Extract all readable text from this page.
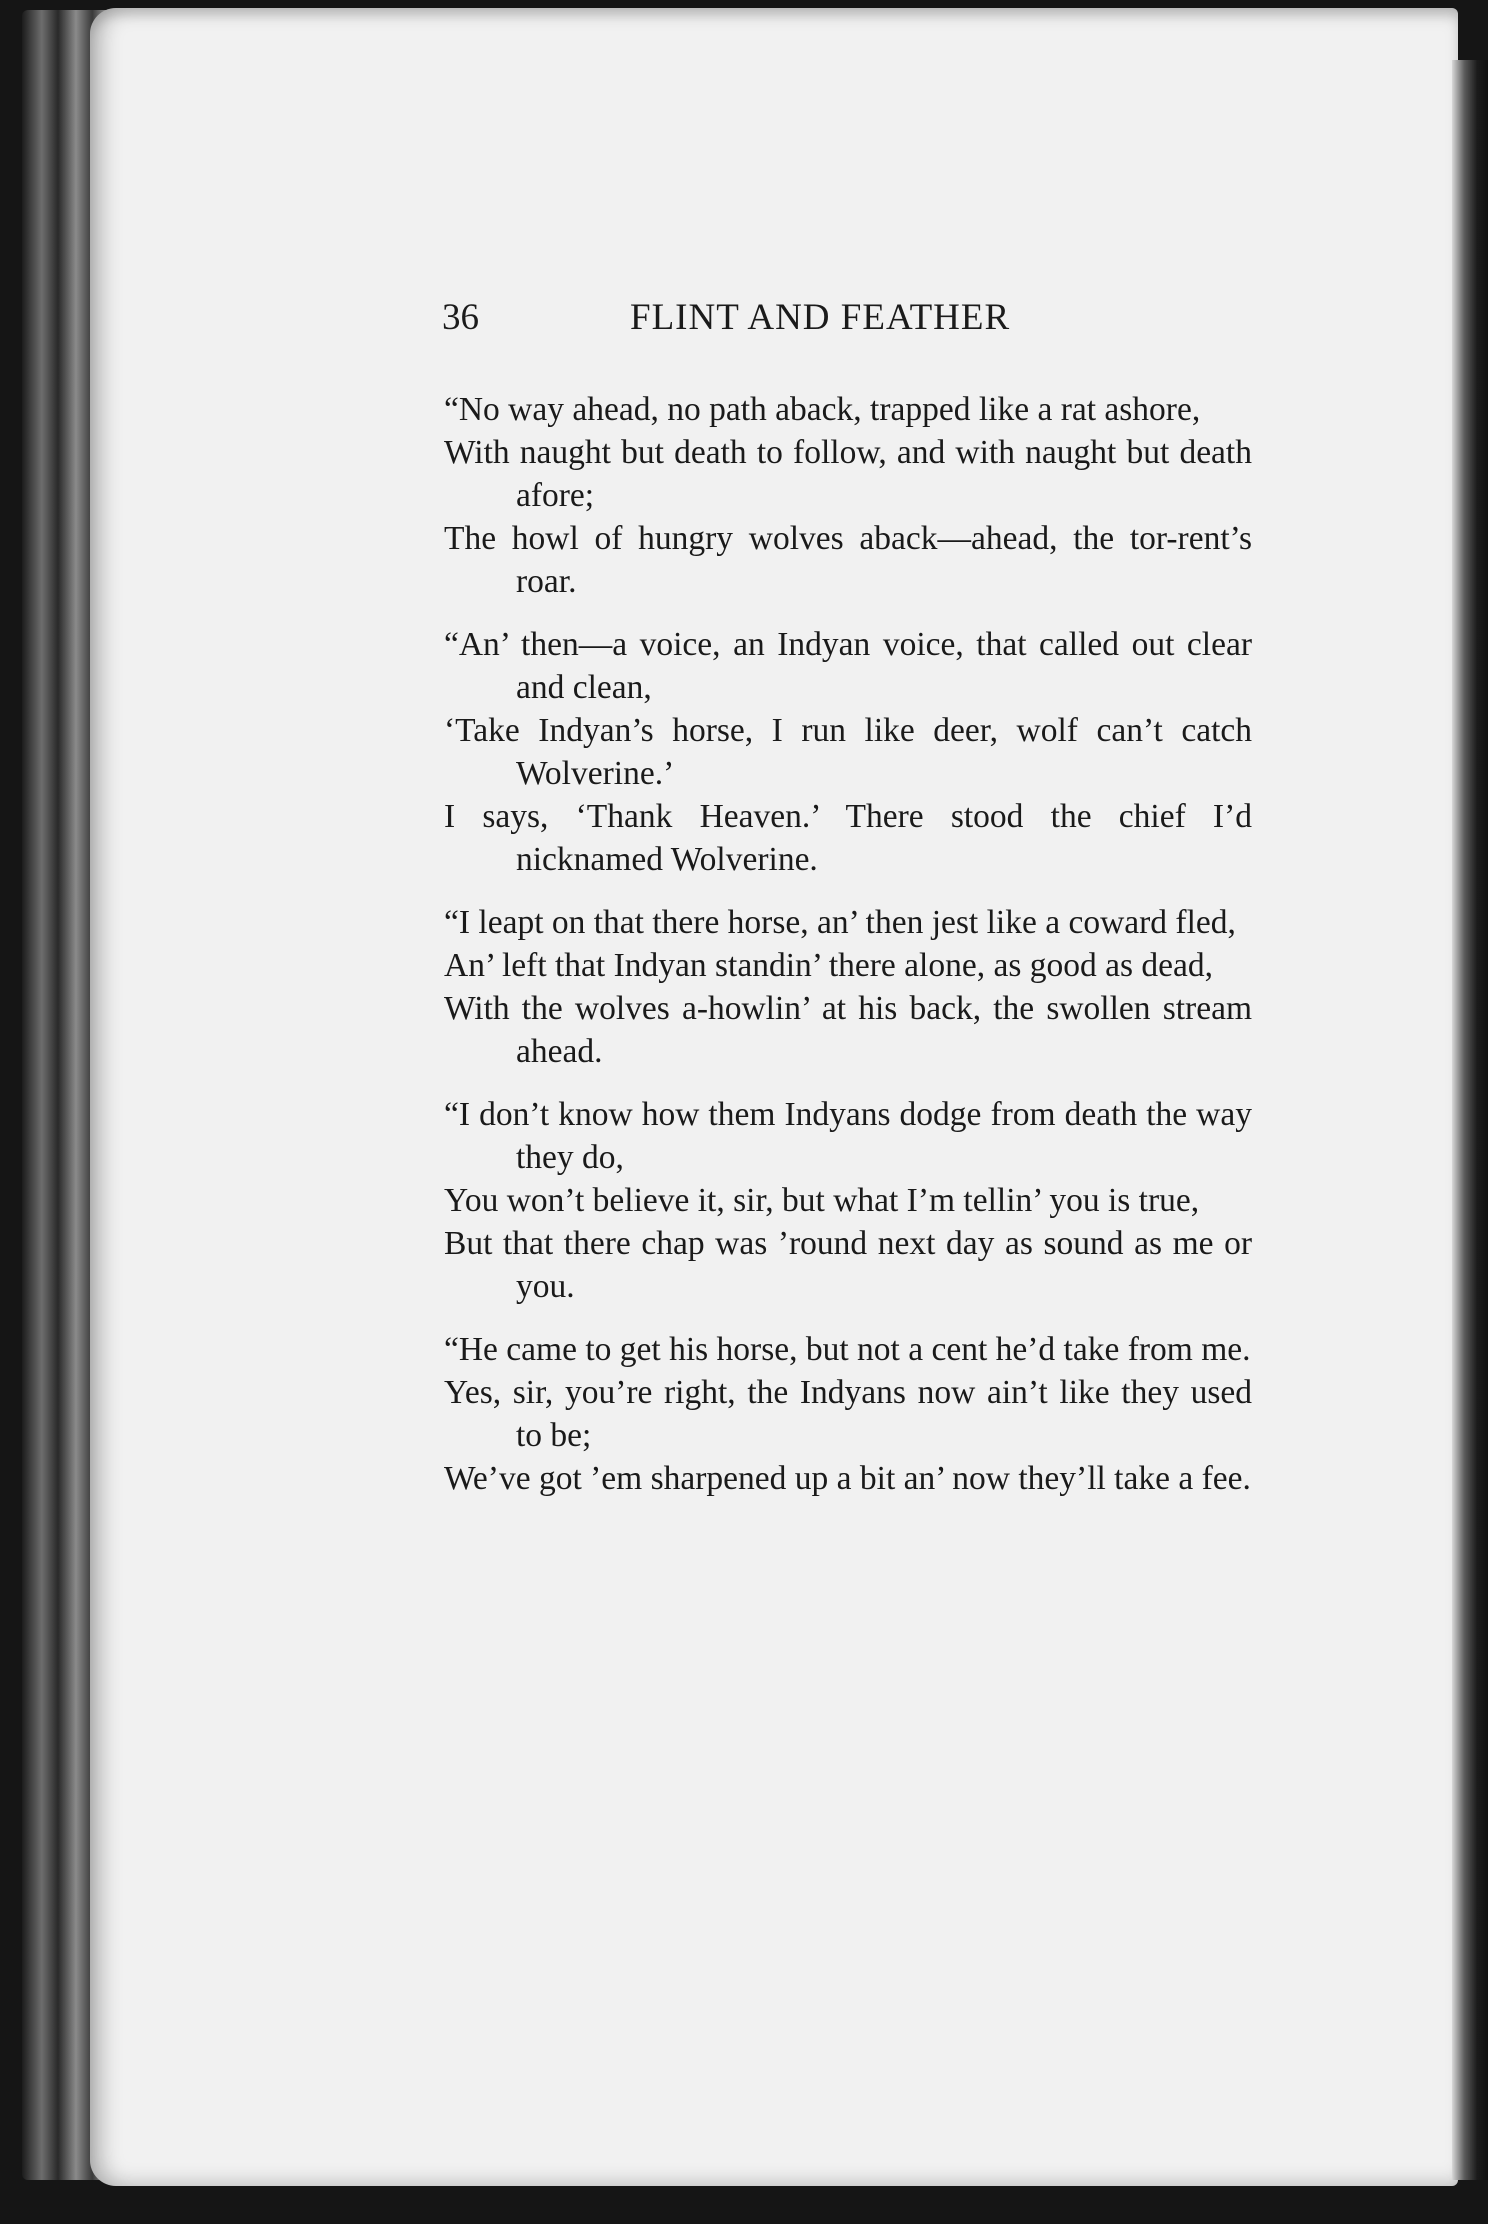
36	FLINT AND FEATHER
“No way ahead, no path aback, trapped like a rat ashore,
With naught but death to follow, and with naught but death afore;
The howl of hungry wolves aback—ahead, the tor-rent’s roar.
“An’ then—a voice, an Indyan voice, that called out clear and clean,
‘Take Indyan’s horse, I run like deer, wolf can’t catch Wolverine.’
I says, ‘Thank Heaven.’ There stood the chief I’d nicknamed Wolverine.
“I leapt on that there horse, an’ then jest like a coward fled,
An’ left that Indyan standin’ there alone, as good as dead,
With the wolves a-howlin’ at his back, the swollen stream ahead.
“I don’t know how them Indyans dodge from death the way they do,
You won’t believe it, sir, but what I’m tellin’ you is true,
But that there chap was ’round next day as sound as me or you.
“He came to get his horse, but not a cent he’d take from me.
Yes, sir, you’re right, the Indyans now ain’t like they used to be;
We’ve got ’em sharpened up a bit an’ now they’ll take a fee.
